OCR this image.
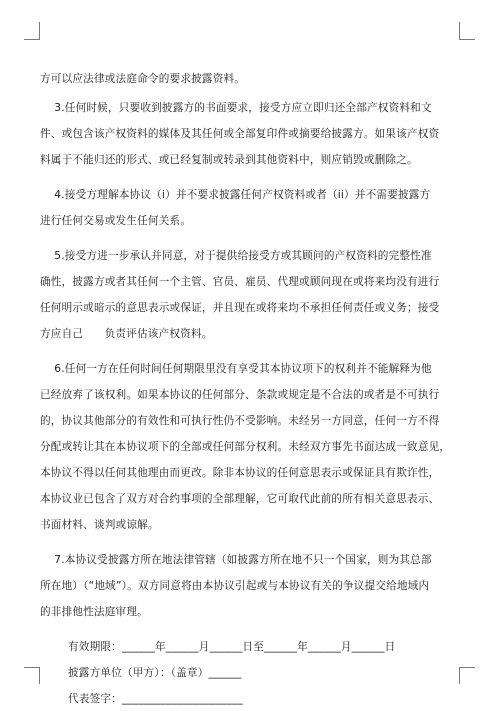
方可以应法律或法庭命令的要求披露资料。
3.任何时候，只要收到披露方的书面要求，接受方应立即归还全部产权资料和文
件、或包含该产权资料的媒体及其任何或全部复印件或摘要给披露方。如果该产权资
料属于不能归还的形式、或已经复制或转录到其他资料中，则应销毁或删除之。
4.接受方理解本协议（i）并不要求披露任何产权资料或者（ii）并不需要披露方
进行任何交易或发生任何关系。
5.接受方进一步承认并同意，对于提供给接受方或其顾问的产权资料的完整性准
确性，披露方或者其任何一个主管、官员、雇员、代理或顾问现在或将来均没有进行
任何明示或暗示的意思表示或保证，并且现在或将来均不承担任何责任或义务；接受
方应自己      负责评估该产权资料。
6.任何一方在任何时间任何期限里没有享受其本协议项下的权利并不能解释为他
已经放弃了该权利。如果本协议的任何部分、条款或规定是不合法的或者是不可执行
的，协议其他部分的有效性和可执行性仍不受影响。未经另一方同意，任何一方不得
分配或转让其在本协议项下的全部或任何部分权利。未经双方事先书面达成一致意见，
本协议不得以任何其他理由而更改。除非本协议的任何意思表示或保证具有欺诈性，
本协议业已包含了双方对合约事项的全部理解，它可取代此前的所有相关意思表示、
书面材料、谈判或谅解。
7.本协议受披露方所在地法律管辖（如披露方所在地不只一个国家，则为其总部
所在地）（“地域”）。双方同意将由本协议引起或与本协议有关的争议提交给地域内
的非排他性法庭审理。
有效期限：______年______月______日至______年______月______日
披露方单位（甲方）：（盖章）______
代表签字：______________________
